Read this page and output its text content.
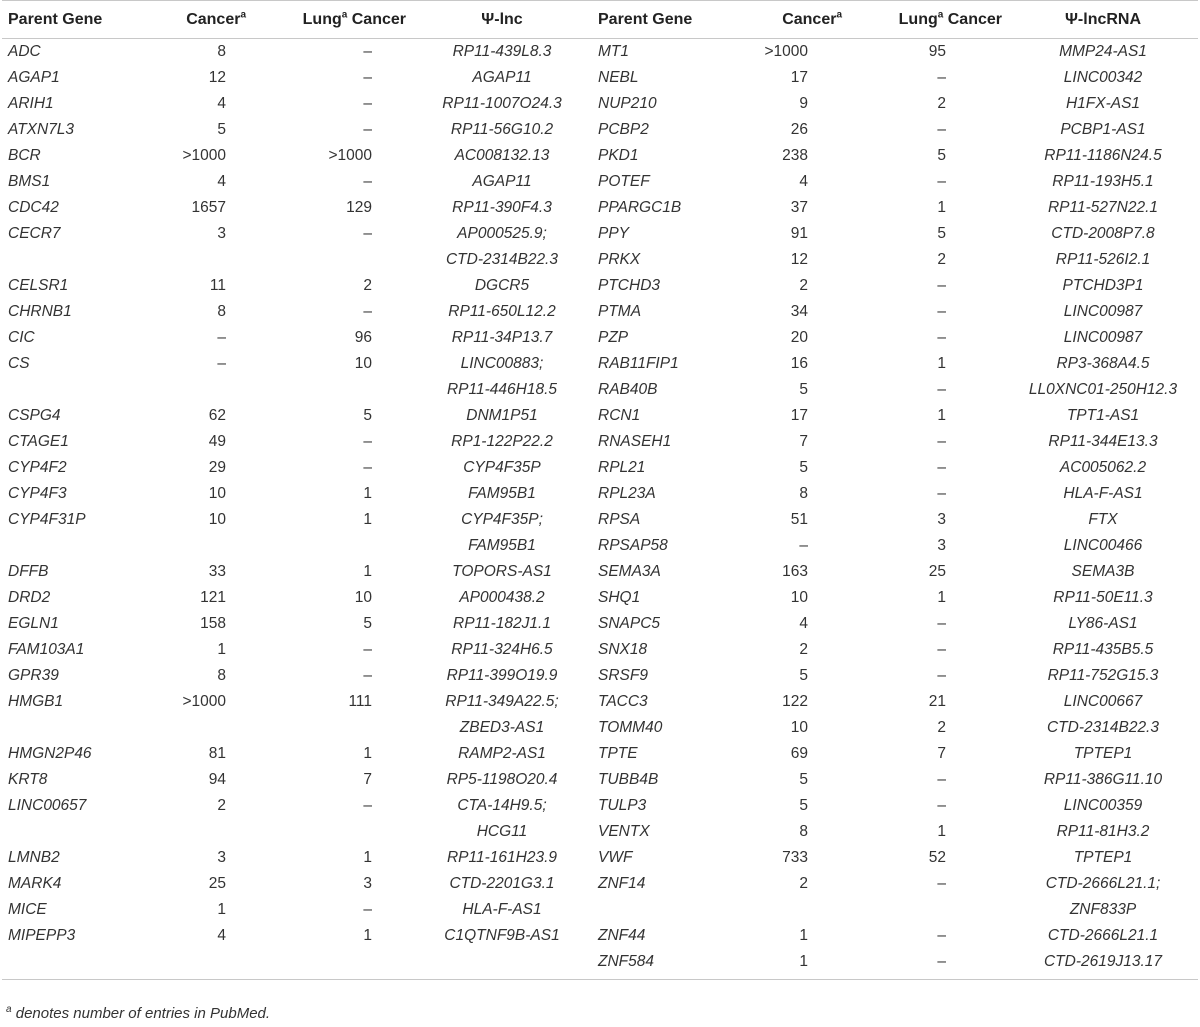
Parent Gene	Cancer$^a$	Lung$^a$ Cancer	Ψ-lnc	Parent Gene	Cancer$^a$	Lung$^a$ Cancer	Ψ-lncRNA
ADC	8	–	RP11-439L8.3	MT1	>1000	95	MMP24-AS1
AGAP1	12	–	AGAP11	NEBL	17	–	LINC00342
ARIH1	4	–	RP11-1007O24.3	NUP210	9	2	H1FX-AS1
ATXN7L3	5	–	RP11-56G10.2	PCBP2	26	–	PCBP1-AS1
BCR	>1000	>1000	AC008132.13	PKD1	238	5	RP11-1186N24.5
BMS1	4	–	AGAP11	POTEF	4	–	RP11-193H5.1
CDC42	1657	129	RP11-390F4.3	PPARGC1B	37	1	RP11-527N22.1
CECR7	3	–	AP000525.9;	PPY	91	5	CTD-2008P7.8
			CTD-2314B22.3	PRKX	12	2	RP11-526I2.1
CELSR1	11	2	DGCR5	PTCHD3	2	–	PTCHD3P1
CHRNB1	8	–	RP11-650L12.2	PTMA	34	–	LINC00987
CIC	–	96	RP11-34P13.7	PZP	20	–	LINC00987
CS	–	10	LINC00883;	RAB11FIP1	16	1	RP3-368A4.5
			RP11-446H18.5	RAB40B	5	–	LL0XNC01-250H12.3
CSPG4	62	5	DNM1P51	RCN1	17	1	TPT1-AS1
CTAGE1	49	–	RP1-122P22.2	RNASEH1	7	–	RP11-344E13.3
CYP4F2	29	–	CYP4F35P	RPL21	5	–	AC005062.2
CYP4F3	10	1	FAM95B1	RPL23A	8	–	HLA-F-AS1
CYP4F31P	10	1	CYP4F35P;	RPSA	51	3	FTX
			FAM95B1	RPSAP58	–	3	LINC00466
DFFB	33	1	TOPORS-AS1	SEMA3A	163	25	SEMA3B
DRD2	121	10	AP000438.2	SHQ1	10	1	RP11-50E11.3
EGLN1	158	5	RP11-182J1.1	SNAPC5	4	–	LY86-AS1
FAM103A1	1	–	RP11-324H6.5	SNX18	2	–	RP11-435B5.5
GPR39	8	–	RP11-399O19.9	SRSF9	5	–	RP11-752G15.3
HMGB1	>1000	111	RP11-349A22.5;	TACC3	122	21	LINC00667
			ZBED3-AS1	TOMM40	10	2	CTD-2314B22.3
HMGN2P46	81	1	RAMP2-AS1	TPTE	69	7	TPTEP1
KRT8	94	7	RP5-1198O20.4	TUBB4B	5	–	RP11-386G11.10
LINC00657	2	–	CTA-14H9.5;	TULP3	5	–	LINC00359
			HCG11	VENTX	8	1	RP11-81H3.2
LMNB2	3	1	RP11-161H23.9	VWF	733	52	TPTEP1
MARK4	25	3	CTD-2201G3.1	ZNF14	2	–	CTD-2666L21.1;
MICE	1	–	HLA-F-AS1				ZNF833P
MIPEPP3	4	1	C1QTNF9B-AS1	ZNF44	1	–	CTD-2666L21.1
				ZNF584	1	–	CTD-2619J13.17
$^a$ denotes number of entries in PubMed.
